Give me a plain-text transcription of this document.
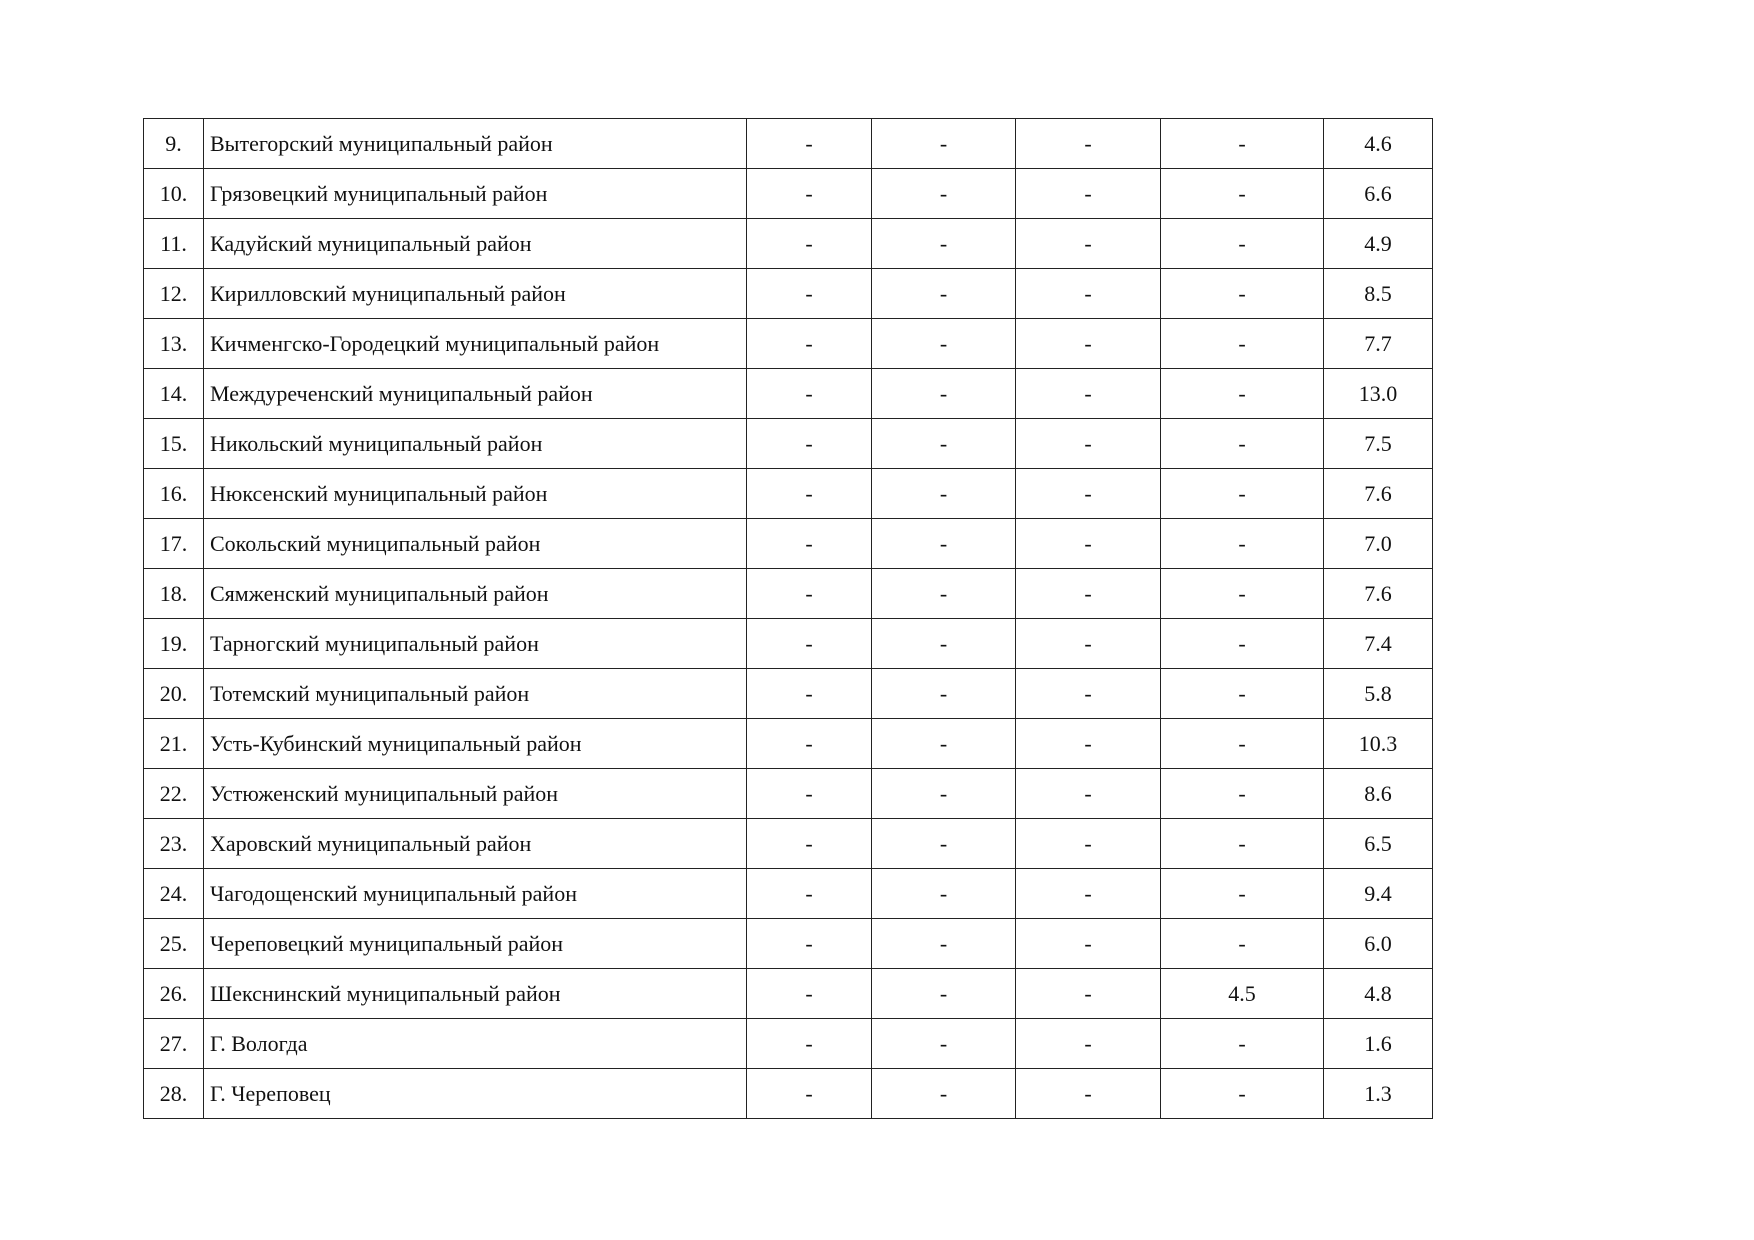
9.	Вытегорский муниципальный район	-	-	-	-	4.6
10.	Грязовецкий муниципальный район	-	-	-	-	6.6
11.	Кадуйский муниципальный район	-	-	-	-	4.9
12.	Кирилловский муниципальный район	-	-	-	-	8.5
13.	Кичменгско-Городецкий муниципальный район	-	-	-	-	7.7
14.	Междуреченский муниципальный район	-	-	-	-	13.0
15.	Никольский муниципальный район	-	-	-	-	7.5
16.	Нюксенский муниципальный район	-	-	-	-	7.6
17.	Сокольский муниципальный район	-	-	-	-	7.0
18.	Сямженский муниципальный район	-	-	-	-	7.6
19.	Тарногский муниципальный район	-	-	-	-	7.4
20.	Тотемский муниципальный район	-	-	-	-	5.8
21.	Усть-Кубинский муниципальный район	-	-	-	-	10.3
22.	Устюженский муниципальный район	-	-	-	-	8.6
23.	Харовский муниципальный район	-	-	-	-	6.5
24.	Чагодощенский муниципальный район	-	-	-	-	9.4
25.	Череповецкий муниципальный район	-	-	-	-	6.0
26.	Шекснинский муниципальный район	-	-	-	4.5	4.8
27.	Г. Вологда	-	-	-	-	1.6
28.	Г. Череповец	-	-	-	-	1.3
